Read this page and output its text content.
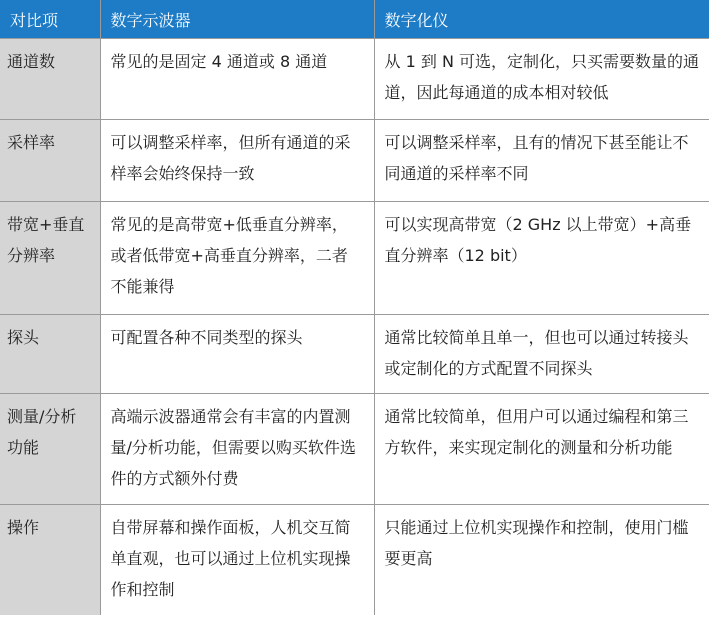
对比项	数字示波器	数字化仪
通道数	常见的是固定 4 通道或 8 通道	从 1 到 N 可选，定制化，只买需要数量的通道，因此每通道的成本相对较低
采样率	可以调整采样率，但所有通道的采样率会始终保持一致	可以调整采样率，且有的情况下甚至能让不同通道的采样率不同
带宽+垂直分辨率	常见的是高带宽+低垂直分辨率，或者低带宽+高垂直分辨率，二者不能兼得	可以实现高带宽（2 GHz 以上带宽）+高垂直分辨率（12 bit）
探头	可配置各种不同类型的探头	通常比较简单且单一，但也可以通过转接头或定制化的方式配置不同探头
测量/分析功能	高端示波器通常会有丰富的内置测量/分析功能，但需要以购买软件选件的方式额外付费	通常比较简单，但用户可以通过编程和第三方软件，来实现定制化的测量和分析功能
操作	自带屏幕和操作面板，人机交互简单直观，也可以通过上位机实现操作和控制	只能通过上位机实现操作和控制，使用门槛要更高
